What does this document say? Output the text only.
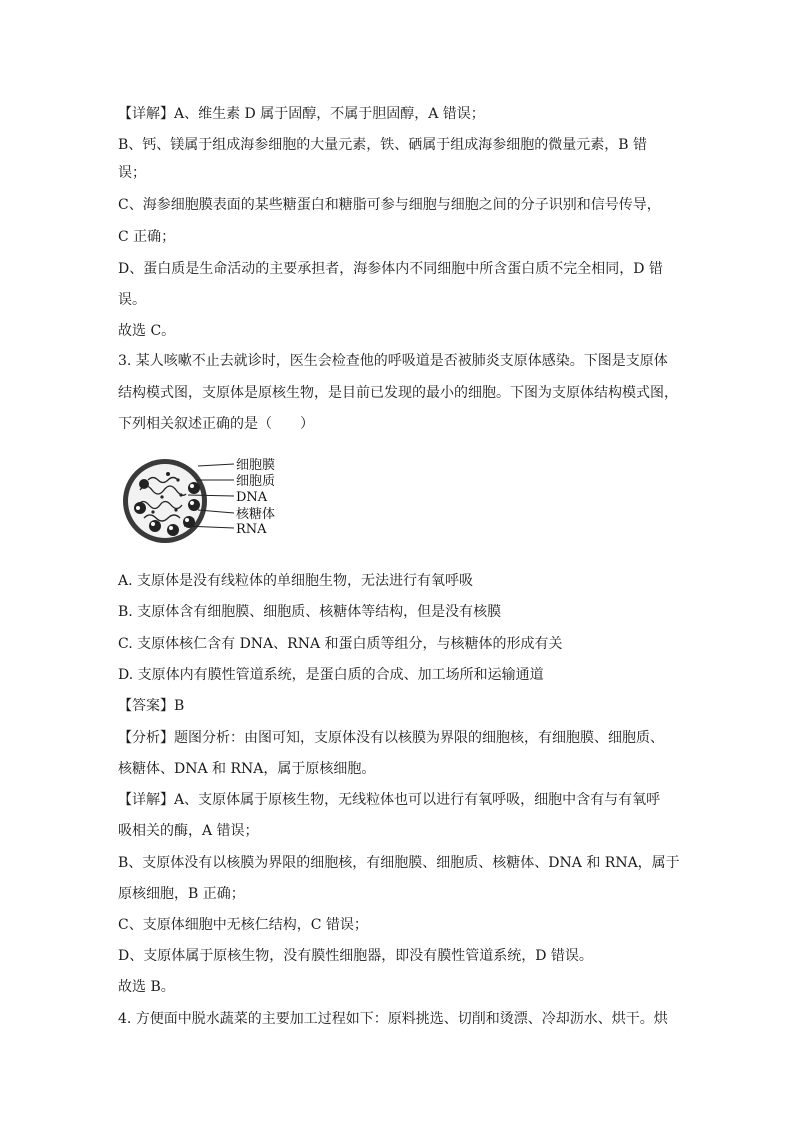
【详解】A、维生素 D 属于固醇，不属于胆固醇，A 错误；
B、钙、镁属于组成海参细胞的大量元素，铁、硒属于组成海参细胞的微量元素，B 错
误；
C、海参细胞膜表面的某些糖蛋白和糖脂可参与细胞与细胞之间的分子识别和信号传导，
C 正确；
D、蛋白质是生命活动的主要承担者，海参体内不同细胞中所含蛋白质不完全相同，D 错
误。
故选 C。
3. 某人咳嗽不止去就诊时，医生会检查他的呼吸道是否被肺炎支原体感染。下图是支原体
结构模式图，支原体是原核生物，是目前已发现的最小的细胞。下图为支原体结构模式图，
下列相关叙述正确的是（　　）
细胞膜
细胞质
DNA
核糖体
RNA
A. 支原体是没有线粒体的单细胞生物，无法进行有氧呼吸
B. 支原体含有细胞膜、细胞质、核糖体等结构，但是没有核膜
C. 支原体核仁含有 DNA、RNA 和蛋白质等组分，与核糖体的形成有关
D. 支原体内有膜性管道系统，是蛋白质的合成、加工场所和运输通道
【答案】B
【分析】题图分析：由图可知，支原体没有以核膜为界限的细胞核，有细胞膜、细胞质、
核糖体、DNA 和 RNA，属于原核细胞。
【详解】A、支原体属于原核生物，无线粒体也可以进行有氧呼吸，细胞中含有与有氧呼
吸相关的酶，A 错误；
B、支原体没有以核膜为界限的细胞核，有细胞膜、细胞质、核糖体、DNA 和 RNA，属于
原核细胞，B 正确；
C、支原体细胞中无核仁结构，C 错误；
D、支原体属于原核生物，没有膜性细胞器，即没有膜性管道系统，D 错误。
故选 B。
4. 方便面中脱水蔬菜的主要加工过程如下：原料挑选、切削和烫漂、冷却沥水、烘干。烘
